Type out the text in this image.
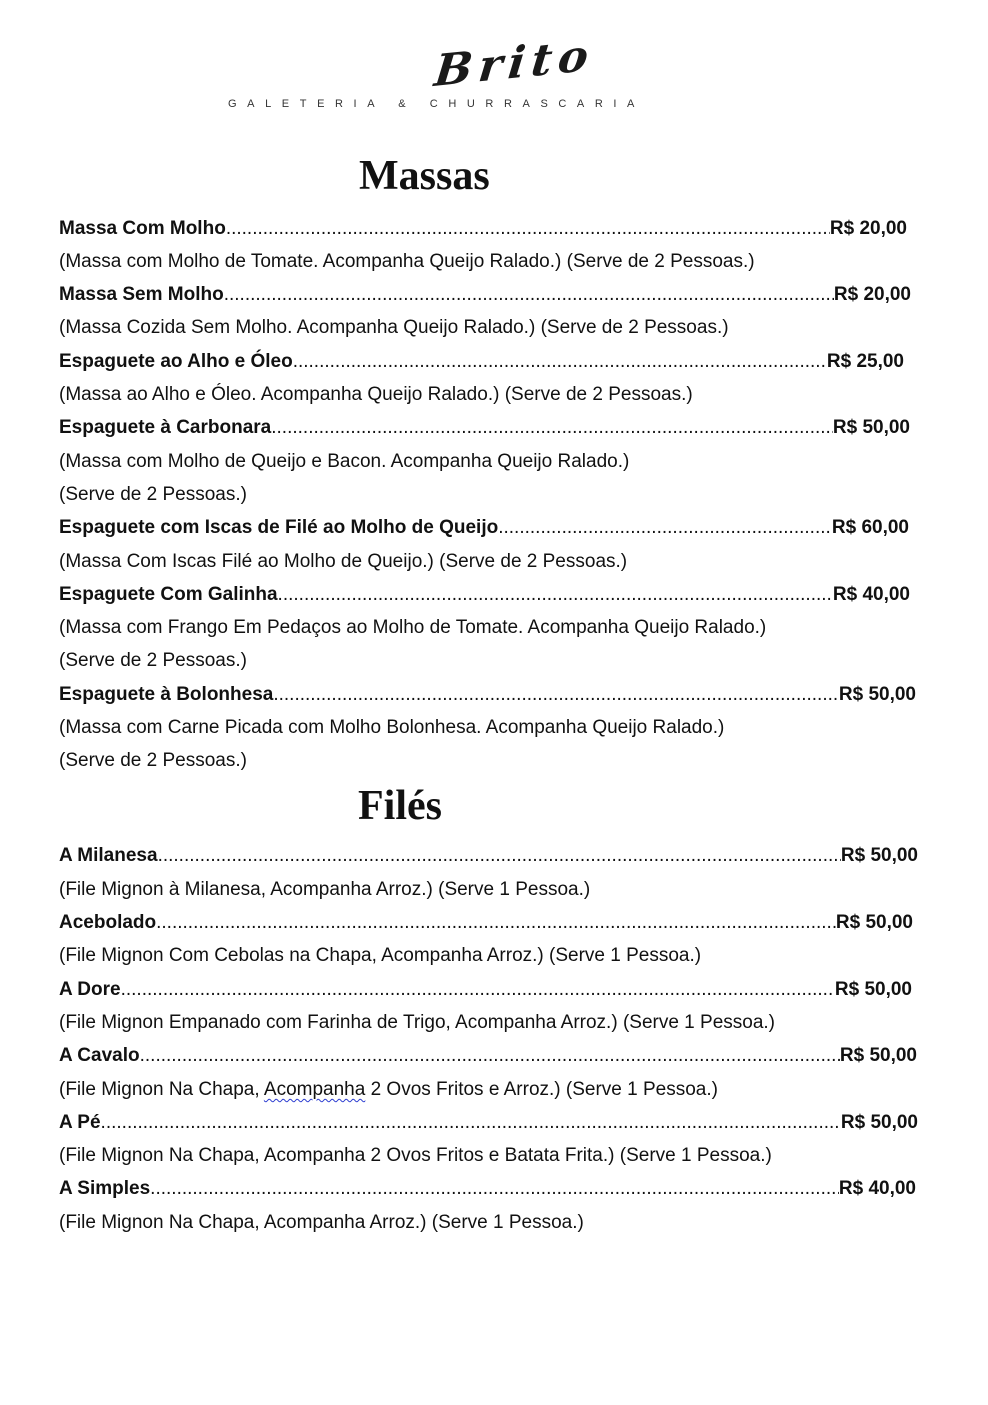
Brito
GALETERIA & CHURRASCARIA
Massas
Massa Com Molho .....	R$ 20,00
(Massa com Molho de Tomate. Acompanha Queijo Ralado.) (Serve de 2 Pessoas.)
Massa Sem Molho .....	R$ 20,00
(Massa Cozida Sem Molho. Acompanha Queijo Ralado.) (Serve de 2 Pessoas.)
Espaguete ao Alho e Óleo .....	R$ 25,00
(Massa ao Alho e Óleo. Acompanha Queijo Ralado.) (Serve de 2 Pessoas.)
Espaguete à Carbonara .....	R$ 50,00
(Massa com Molho de Queijo e Bacon. Acompanha Queijo Ralado.)
(Serve de 2 Pessoas.)
Espaguete com Iscas de Filé ao Molho de Queijo .....	R$ 60,00
(Massa Com Iscas Filé ao Molho de Queijo.) (Serve de 2 Pessoas.)
Espaguete Com Galinha .....	R$ 40,00
(Massa com Frango Em Pedaços ao Molho de Tomate. Acompanha Queijo Ralado.)
(Serve de 2 Pessoas.)
Espaguete à Bolonhesa .....	R$ 50,00
(Massa com Carne Picada com Molho Bolonhesa. Acompanha Queijo Ralado.)
(Serve de 2 Pessoas.)
Filés
A Milanesa .....	R$ 50,00
(File Mignon à Milanesa, Acompanha Arroz.) (Serve 1 Pessoa.)
Acebolado .....	R$ 50,00
(File Mignon Com Cebolas na Chapa, Acompanha Arroz.) (Serve 1 Pessoa.)
A Dore .....	R$ 50,00
(File Mignon Empanado com Farinha de Trigo, Acompanha Arroz.) (Serve 1 Pessoa.)
A Cavalo .....	R$ 50,00
(File Mignon Na Chapa, Acompanha 2 Ovos Fritos e Arroz.) (Serve 1 Pessoa.)
A Pé .....	R$ 50,00
(File Mignon Na Chapa, Acompanha 2 Ovos Fritos e Batata Frita.) (Serve 1 Pessoa.)
A Simples .....	R$ 40,00
(File Mignon Na Chapa, Acompanha Arroz.) (Serve 1 Pessoa.)
